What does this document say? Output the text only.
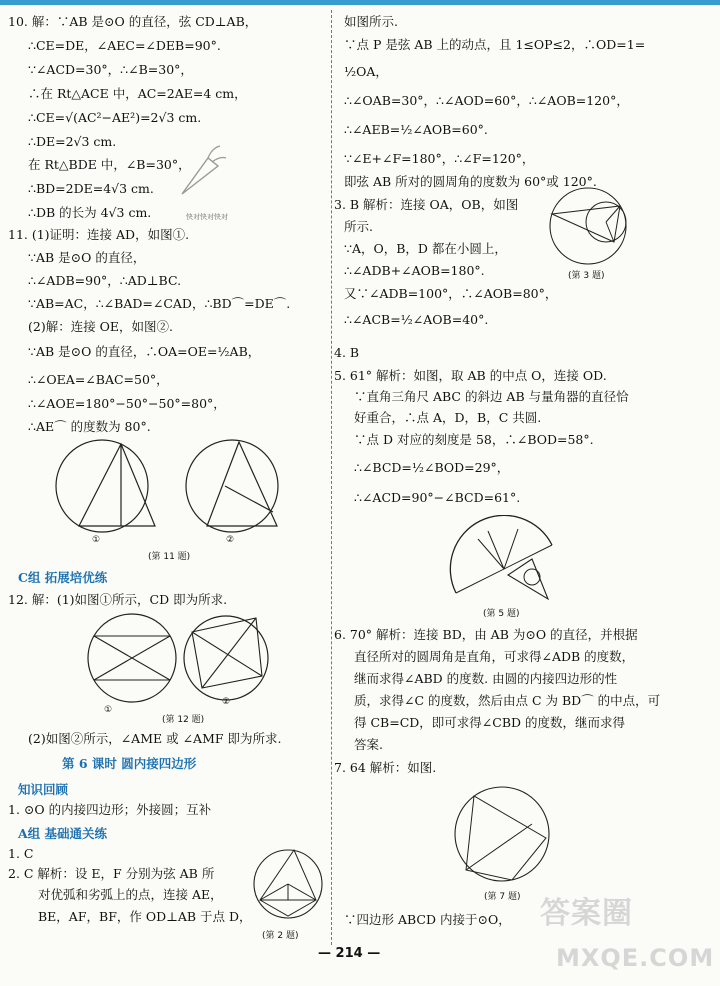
10. 解：∵AB 是⊙O 的直径，弦 CD⊥AB，
∴CE=DE，∠AEC=∠DEB=90°.
∵∠ACD=30°，∴∠B=30°，
∴在 Rt△ACE 中，AC=2AE=4 cm，
∴CE=√(AC²−AE²)=2√3 cm.
∴DE=2√3 cm.
在 Rt△BDE 中，∠B=30°，
∴BD=2DE=4√3 cm.
∴DB 的长为 4√3 cm.	快对快对快对
11. (1)证明：连接 AD，如图①.
∵AB 是⊙O 的直径，
∴∠ADB=90°，∴AD⊥BC.
∵AB=AC，∴∠BAD=∠CAD，∴BD⌒=DE⌒.
(2)解：连接 OE，如图②.
∵AB 是⊙O 的直径，∴OA=OE=½AB，
∴∠OEA=∠BAC=50°，
∴∠AOE=180°−50°−50°=80°，
∴AE⌒ 的度数为 80°.
①	②
(第 11 题)
C组 拓展培优练
12. 解：(1)如图①所示，CD 即为所求.
①
②
(第 12 题)
(2)如图②所示，∠AME 或 ∠AMF 即为所求.
第 6 课时 圆内接四边形
知识回顾
1. ⊙O 的内接四边形；外接圆；互补
A组 基础通关练
1. C
2. C 解析：设 E，F 分别为弦 AB 所
对优弧和劣弧上的点，连接 AE，
BE，AF，BF，作 OD⊥AB 于点 D，
(第 2 题)
如图所示.
∵点 P 是弦 AB 上的动点，且 1≤OP≤2，∴OD=1=
½OA，
∴∠OAB=30°，∴∠AOD=60°，∴∠AOB=120°，
∴∠AEB=½∠AOB=60°.
∵∠E+∠F=180°，∴∠F=120°，
即弦 AB 所对的圆周角的度数为 60°或 120°.
3. B 解析：连接 OA，OB，如图
所示.
∵A，O，B，D 都在小圆上，
∴∠ADB+∠AOB=180°.
又∵∠ADB=100°，∴∠AOB=80°，
∴∠ACB=½∠AOB=40°.
(第 3 题)
4. B
5. 61° 解析：如图，取 AB 的中点 O，连接 OD.
∵直角三角尺 ABC 的斜边 AB 与量角器的直径恰
好重合，∴点 A，D，B，C 共圆.
∵点 D 对应的刻度是 58，∴∠BOD=58°.
∴∠BCD=½∠BOD=29°，
∴∠ACD=90°−∠BCD=61°.
(第 5 题)
6. 70° 解析：连接 BD，由 AB 为⊙O 的直径，并根据
直径所对的圆周角是直角，可求得∠ADB 的度数，
继而求得∠ABD 的度数. 由圆的内接四边形的性
质，求得∠C 的度数，然后由点 C 为 BD⌒ 的中点，可
得 CB=CD，即可求得∠CBD 的度数，继而求得
答案.
7. 64 解析：如图.
(第 7 题)
∵四边形 ABCD 内接于⊙O，
— 214 —
答案圈
MXQE.COM
